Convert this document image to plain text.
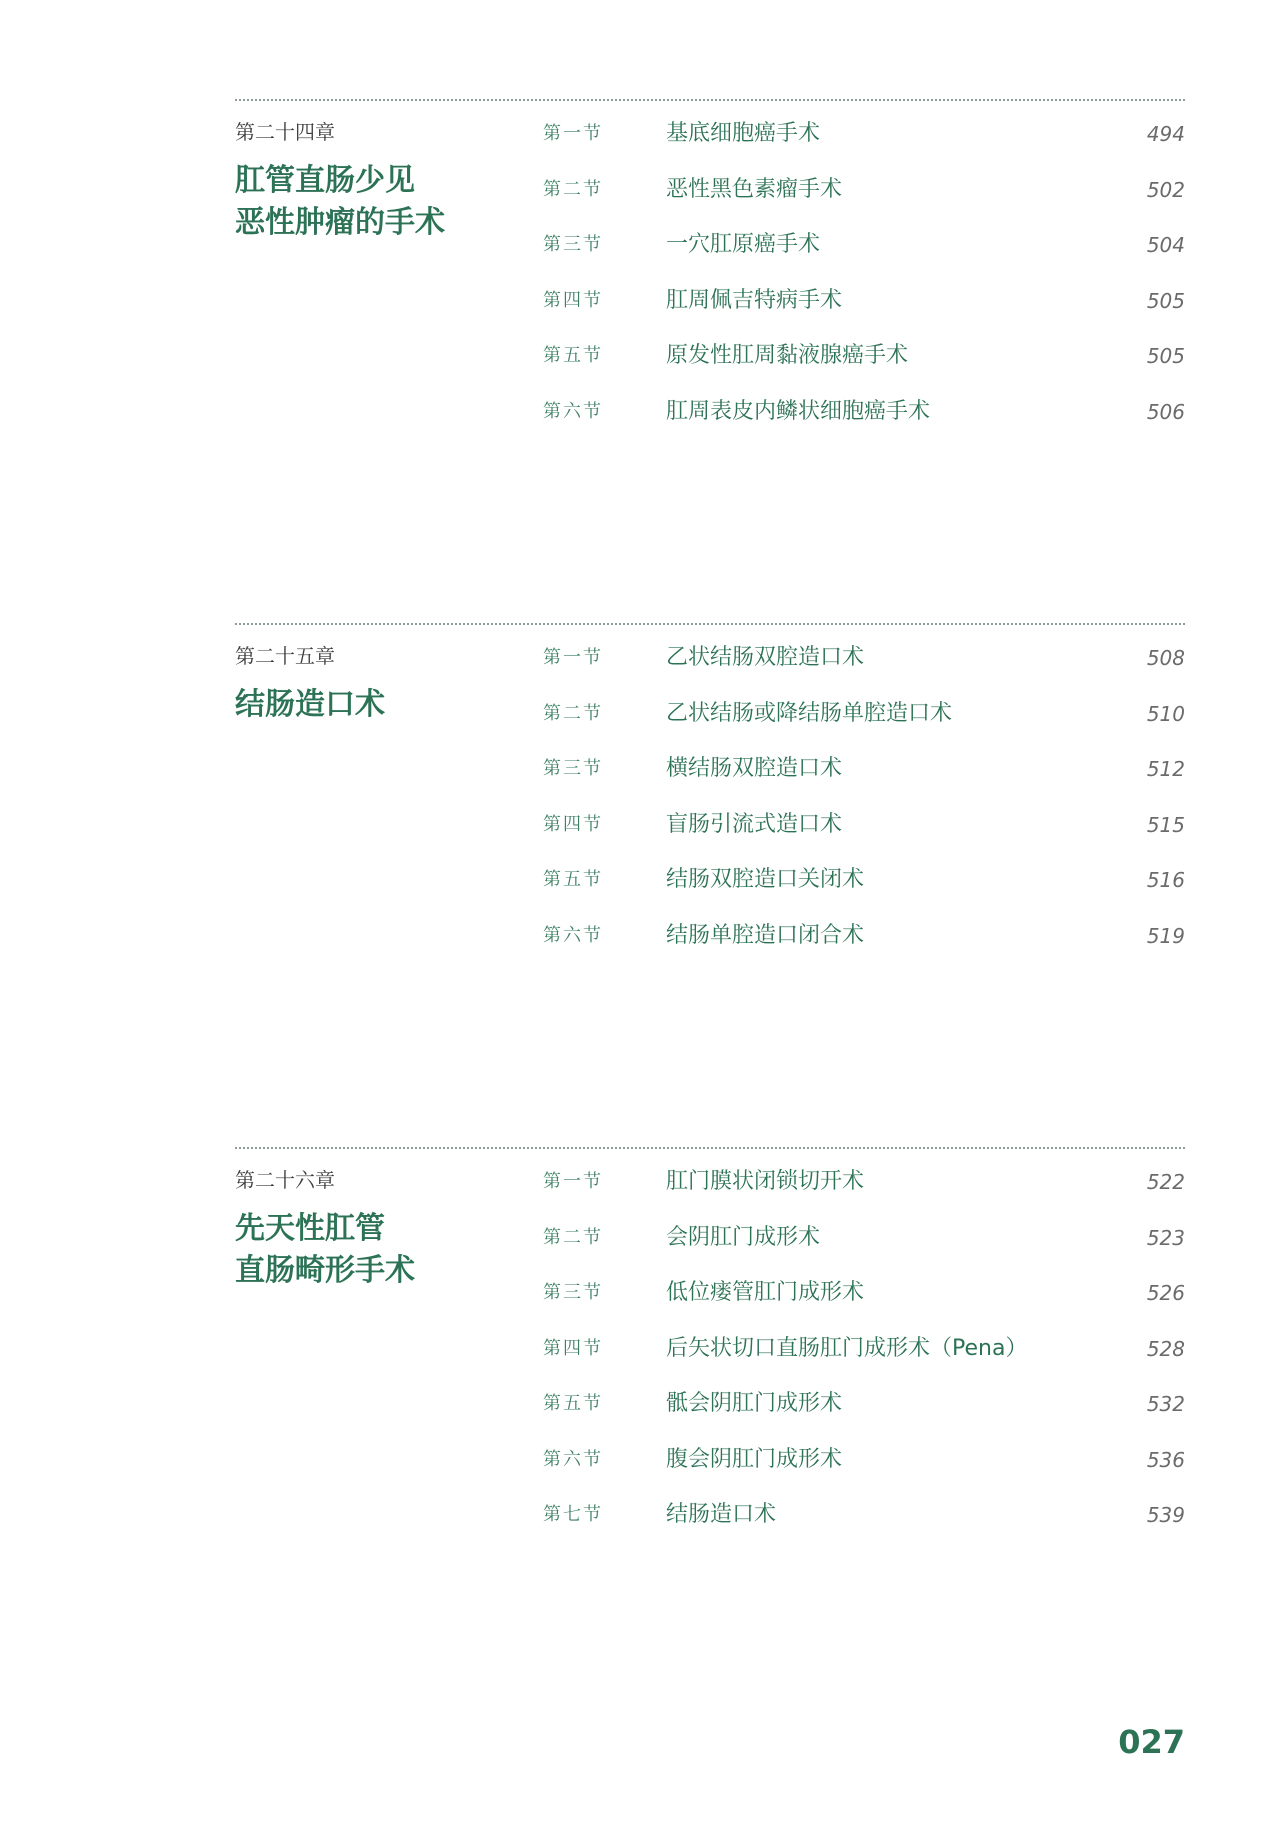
第二十四章
肛管直肠少见
恶性肿瘤的手术
第一节	基底细胞癌手术	494
第二节	恶性黑色素瘤手术	502
第三节	一穴肛原癌手术	504
第四节	肛周佩吉特病手术	505
第五节	原发性肛周黏液腺癌手术	505
第六节	肛周表皮内鳞状细胞癌手术	506
第二十五章
结肠造口术
第一节	乙状结肠双腔造口术	508
第二节	乙状结肠或降结肠单腔造口术	510
第三节	横结肠双腔造口术	512
第四节	盲肠引流式造口术	515
第五节	结肠双腔造口关闭术	516
第六节	结肠单腔造口闭合术	519
第二十六章
先天性肛管
直肠畸形手术
第一节	肛门膜状闭锁切开术	522
第二节	会阴肛门成形术	523
第三节	低位瘘管肛门成形术	526
第四节	后矢状切口直肠肛门成形术（Pena）	528
第五节	骶会阴肛门成形术	532
第六节	腹会阴肛门成形术	536
第七节	结肠造口术	539
027
